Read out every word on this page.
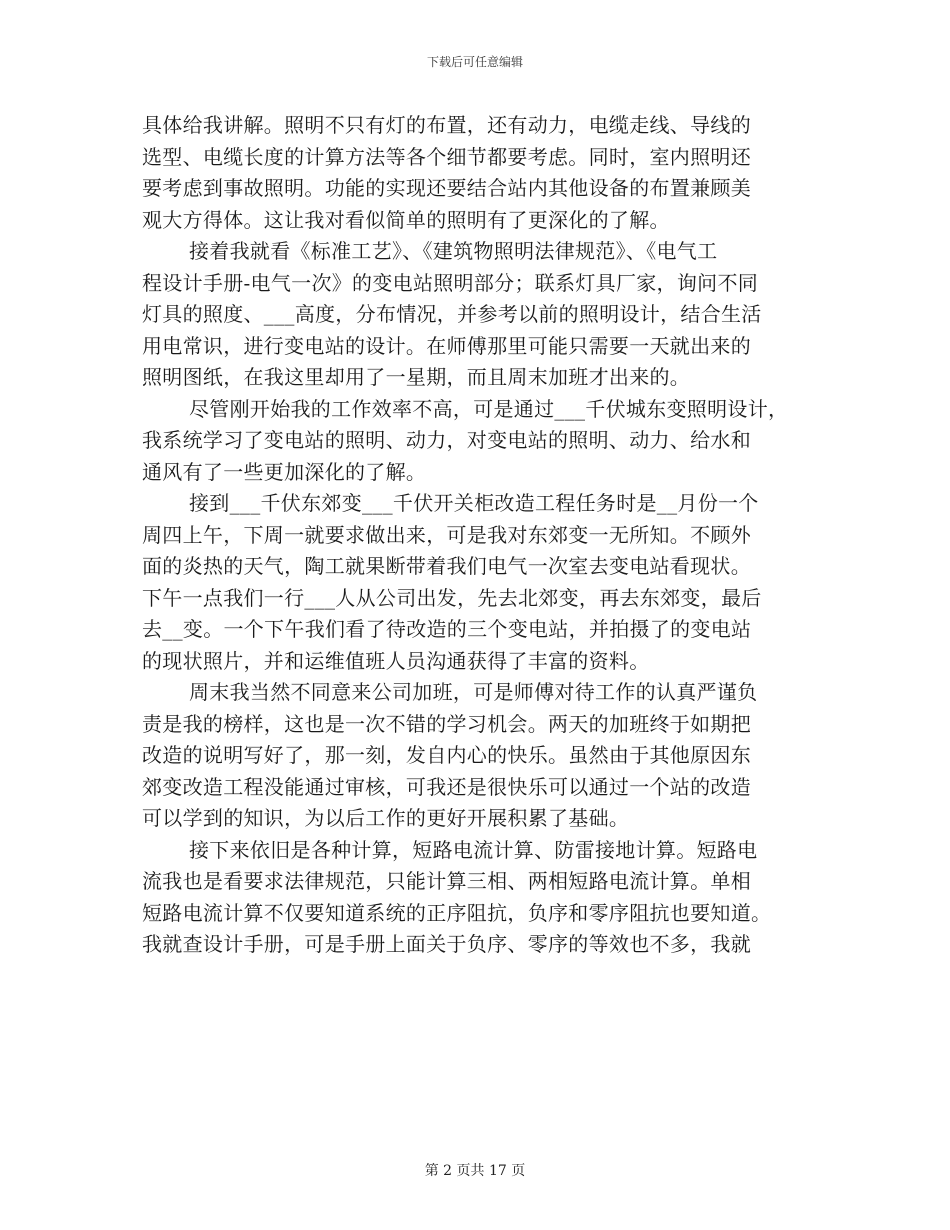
下载后可任意编辑
具体给我讲解。照明不只有灯的布置，还有动力，电缆走线、导线的
选型、电缆长度的计算方法等各个细节都要考虑。同时，室内照明还
要考虑到事故照明。功能的实现还要结合站内其他设备的布置兼顾美
观大方得体。这让我对看似简单的照明有了更深化的了解。
接着我就看《标准工艺》、《建筑物照明法律规范》、《电气工
程设计手册-电气一次》的变电站照明部分；联系灯具厂家，询问不同
灯具的照度、___高度，分布情况，并参考以前的照明设计，结合生活
用电常识，进行变电站的设计。在师傅那里可能只需要一天就出来的
照明图纸，在我这里却用了一星期，而且周末加班才出来的。
尽管刚开始我的工作效率不高，可是通过___千伏城东变照明设计，
我系统学习了变电站的照明、动力，对变电站的照明、动力、给水和
通风有了一些更加深化的了解。
接到___千伏东郊变___千伏开关柜改造工程任务时是__月份一个
周四上午，下周一就要求做出来，可是我对东郊变一无所知。不顾外
面的炎热的天气，陶工就果断带着我们电气一次室去变电站看现状。
下午一点我们一行___人从公司出发，先去北郊变，再去东郊变，最后
去__变。一个下午我们看了待改造的三个变电站，并拍摄了的变电站
的现状照片，并和运维值班人员沟通获得了丰富的资料。
周末我当然不同意来公司加班，可是师傅对待工作的认真严谨负
责是我的榜样，这也是一次不错的学习机会。两天的加班终于如期把
改造的说明写好了，那一刻，发自内心的快乐。虽然由于其他原因东
郊变改造工程没能通过审核，可我还是很快乐可以通过一个站的改造
可以学到的知识，为以后工作的更好开展积累了基础。
接下来依旧是各种计算，短路电流计算、防雷接地计算。短路电
流我也是看要求法律规范，只能计算三相、两相短路电流计算。单相
短路电流计算不仅要知道系统的正序阻抗，负序和零序阻抗也要知道。
我就查设计手册，可是手册上面关于负序、零序的等效也不多，我就
第 2 页共 17 页
